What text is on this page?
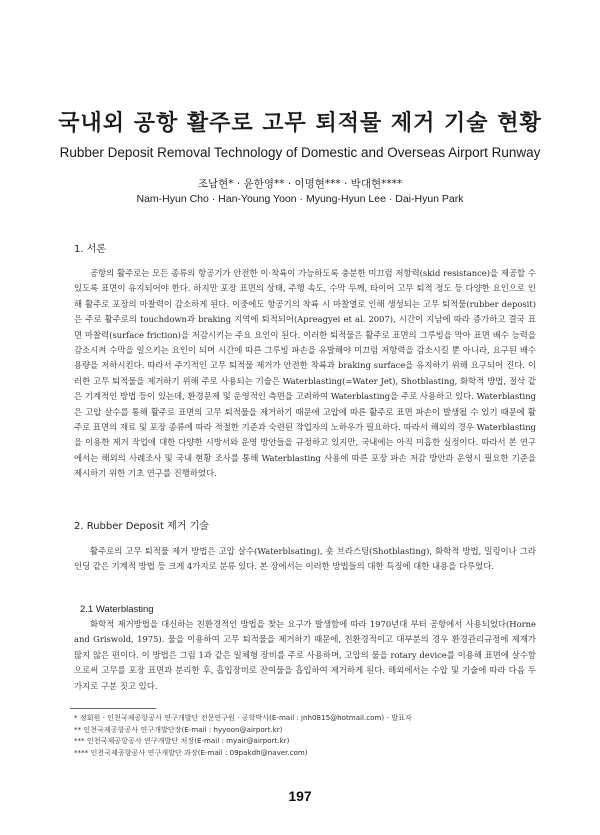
국내외 공항 활주로 고무 퇴적물 제거 기술 현황
Rubber Deposit Removal Technology of Domestic and Overseas Airport Runway
조남현* · 윤한영** · 이명현*** · 박대현****
Nam-Hyun Cho · Han-Young Yoon · Myung-Hyun Lee · Dai-Hyun Park
1. 서론

공항의 활주로는 모든 종류의 항공기가 안전한 이·착륙이 가능하도록 충분한 미끄럼 저항력(skid resistance)을 제공할 수 있도록 표면이 유지되어야 한다. 하지만 포장 표면의 상태, 주행 속도, 수막 두께, 타이어 고무 퇴적 정도 등 다양한 요인으로 인해 활주로 포장의 마찰력이 감소하게 된다. 이중에도 항공기의 착륙 시 마찰열로 인해 생성되는 고무 퇴적물(rubber deposit)은 주로 활주로의 touchdown과 braking 지역에 퇴적되어(Apreagyei et al. 2007), 시간이 지남에 따라 증가하고 결국 표면 마찰력(surface friction)을 저감시키는 주요 요인이 된다. 이러한 퇴적물은 활주로 표면의 그루빙을 막아 표면 배수 능력을 감소시켜 수막을 일으키는 요인이 되며 시간에 따른 그루빙 파손을 유발해야 미끄럼 저항력을 감소시킬 뿐 아니라, 요구된 배수 용량을 저하시킨다. 따라서 주기적인 고무 퇴적물 제거가 안전한 착륙과 braking surface을 유지하기 위해 요구되어 진다. 이러한 고무 퇴적물을 제거하기 위해 주로 사용되는 기술은 Waterblasting(=Water Jet), Shotblasting, 화학적 방법, 절삭 같은 기계적인 방법 등이 있는데, 환경문제 및 운영적인 측면을 고려하여 Waterblasting을 주로 사용하고 있다. Waterblasting은 고압 살수를 통해 활주로 표면의 고무 퇴적물을 제거하기 때문에 고압에 따른 활주로 표면 파손이 발생될 수 있기 때문에 활주로 표면의 재료 및 포장 종류에 따라 적절한 기준과 숙련된 작업자의 노하우가 필요하다. 따라서 해외의 경우 Waterblasting을 이용한 제거 작업에 대한 다양한 시방서와 운영 방안들을 규정하고 있지만, 국내에는 아직 미흡한 실정이다. 따라서 본 연구에서는 해외의 사례조사 및 국내 현황 조사를 통해 Waterblasting 사용에 따른 포장 파손 저감 방안과 운영시 필요한 기준을 제시하기 위한 기초 연구를 진행하였다.

2. Rubber Deposit 제거 기술

활주로의 고무 퇴적물 제거 방법은 고압 살수(Waterblsating), 숏 브라스팅(Shotblasting), 화학적 방법, 밀링이나 그라인딩 같은 기계적 방법 등 크게 4가지로 분류 있다. 본 장에서는 이러한 방법들의 대한 특징에 대한 내용을 다루었다.

2.1 Waterblasting

화학적 제거방법을 대신하는 친환경적인 방법을 찾는 요구가 발생함에 따라 1970년대 부터 공항에서 사용되었다(Horne and Griswold, 1975). 물을 이용하여 고무 퇴적물을 제거하기 때문에, 친환경적이고 대부분의 경우 환경관리규정에 제재가 많지 않은 편이다. 이 방법은 그림 1과 같은 일체형 장비를 주로 사용하며, 고압의 물을 rotary device를 이용해 표면에 살수함으로써 고무를 포장 표면과 분리한 후, 흡입장비로 잔여물을 흡입하여 제거하게 된다. 해외에서는 수압 및 기술에 따라 다음 두 가지로 구분 짓고 있다.

* 정회원 · 인천국제공항공사 연구개발단 전문연구원 · 공학박사(E-mail : jnh0815@hotmail.com) - 발표자
** 인천국제공항공사 연구개발단장(E-mail : hyyoon@airport.kr)
*** 인천국제공항공사 연구개발단 처장(E-mail : myair@airport.kr)
**** 인천국제공항공사 연구개발단 과장(E-mail : 09pakdh@naver.com)
197
